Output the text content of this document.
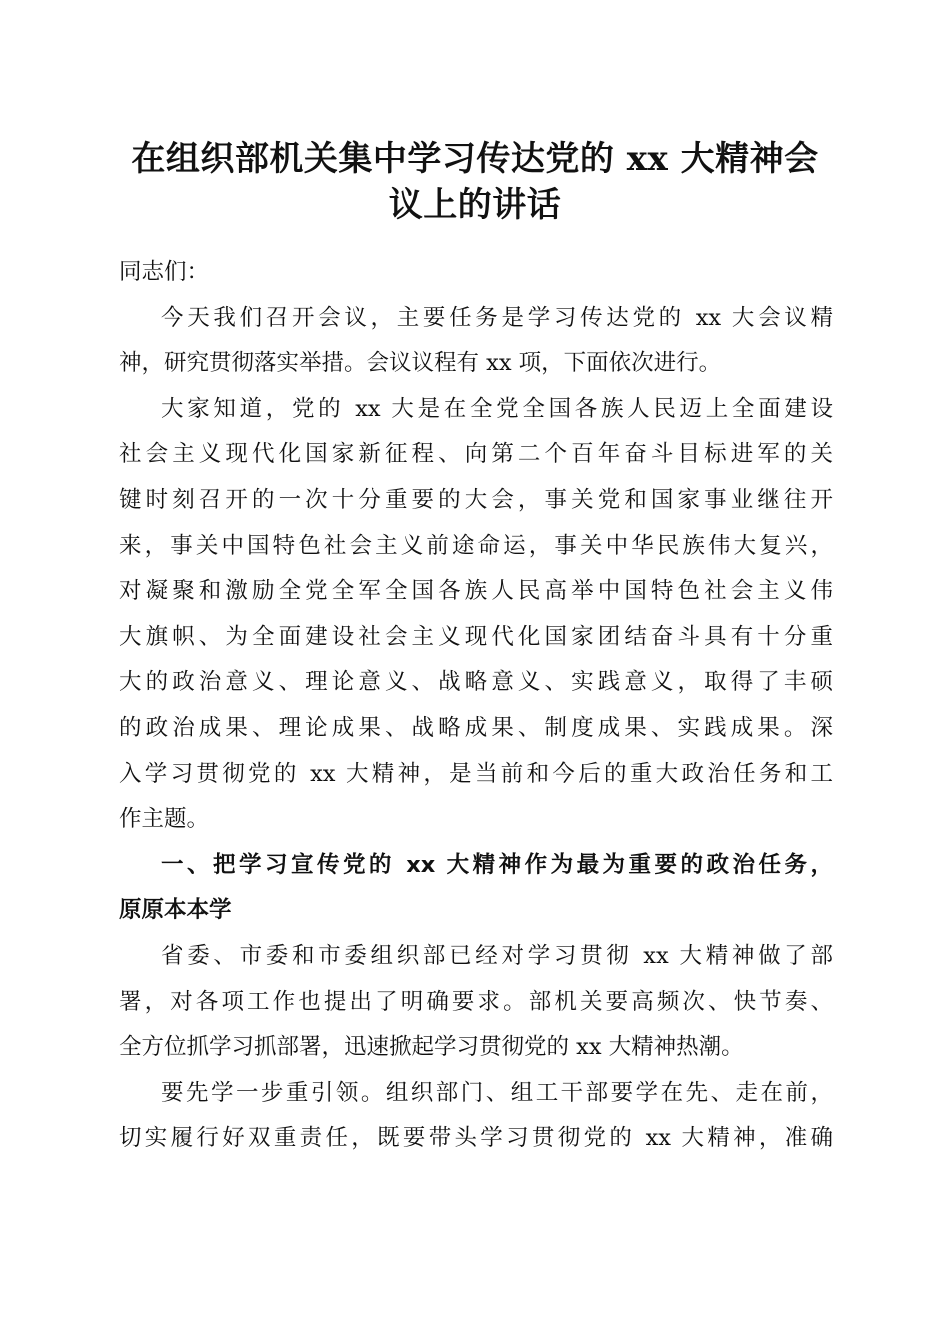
在组织部机关集中学习传达党的 xx 大精神会
议上的讲话
同志们：
今天我们召开会议，主要任务是学习传达党的 xx 大会议精
神，研究贯彻落实举措。会议议程有 xx 项，下面依次进行。
大家知道，党的 xx 大是在全党全国各族人民迈上全面建设
社会主义现代化国家新征程、向第二个百年奋斗目标进军的关
键时刻召开的一次十分重要的大会，事关党和国家事业继往开
来，事关中国特色社会主义前途命运，事关中华民族伟大复兴，
对凝聚和激励全党全军全国各族人民高举中国特色社会主义伟
大旗帜、为全面建设社会主义现代化国家团结奋斗具有十分重
大的政治意义、理论意义、战略意义、实践意义，取得了丰硕
的政治成果、理论成果、战略成果、制度成果、实践成果。深
入学习贯彻党的 xx 大精神，是当前和今后的重大政治任务和工
作主题。
一、把学习宣传党的 xx 大精神作为最为重要的政治任务，
原原本本学
省委、市委和市委组织部已经对学习贯彻 xx 大精神做了部
署，对各项工作也提出了明确要求。部机关要高频次、快节奏、
全方位抓学习抓部署，迅速掀起学习贯彻党的 xx 大精神热潮。
要先学一步重引领。组织部门、组工干部要学在先、走在前，
切实履行好双重责任，既要带头学习贯彻党的 xx 大精神，准确
